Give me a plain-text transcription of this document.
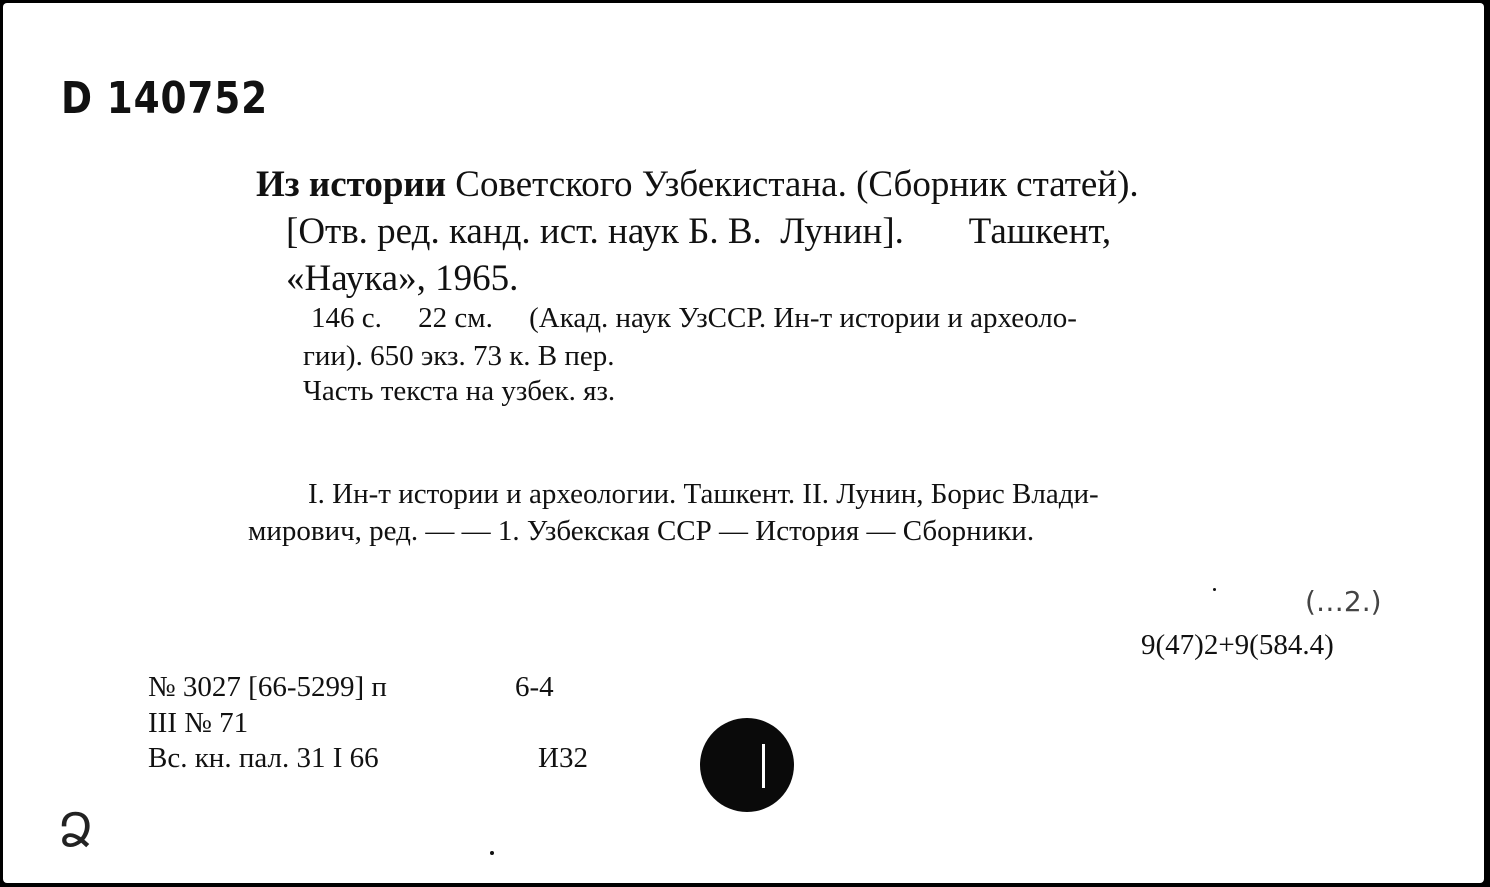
D 140752
Из истории Советского Узбекистана. (Сборник статей).
[Отв. ред. канд. ист. наук Б. В.  Лунин].       Ташкент,
«Наука», 1965.
146 с.     22 см.     (Акад. наук УзССР. Ин-т истории и археоло-
гии). 650 экз. 73 к. В пер.
Часть текста на узбек. яз.
I. Ин-т истории и археологии. Ташкент. II. Лунин, Борис Влади-
мирович, ред. — — 1. Узбекская ССР — История — Сборники.
(…2.)
9(47)2+9(584.4)
№ 3027 [66-5299] п	6-4
III № 71
Вс. кн. пал. 31 I 66	И32
Ձ
